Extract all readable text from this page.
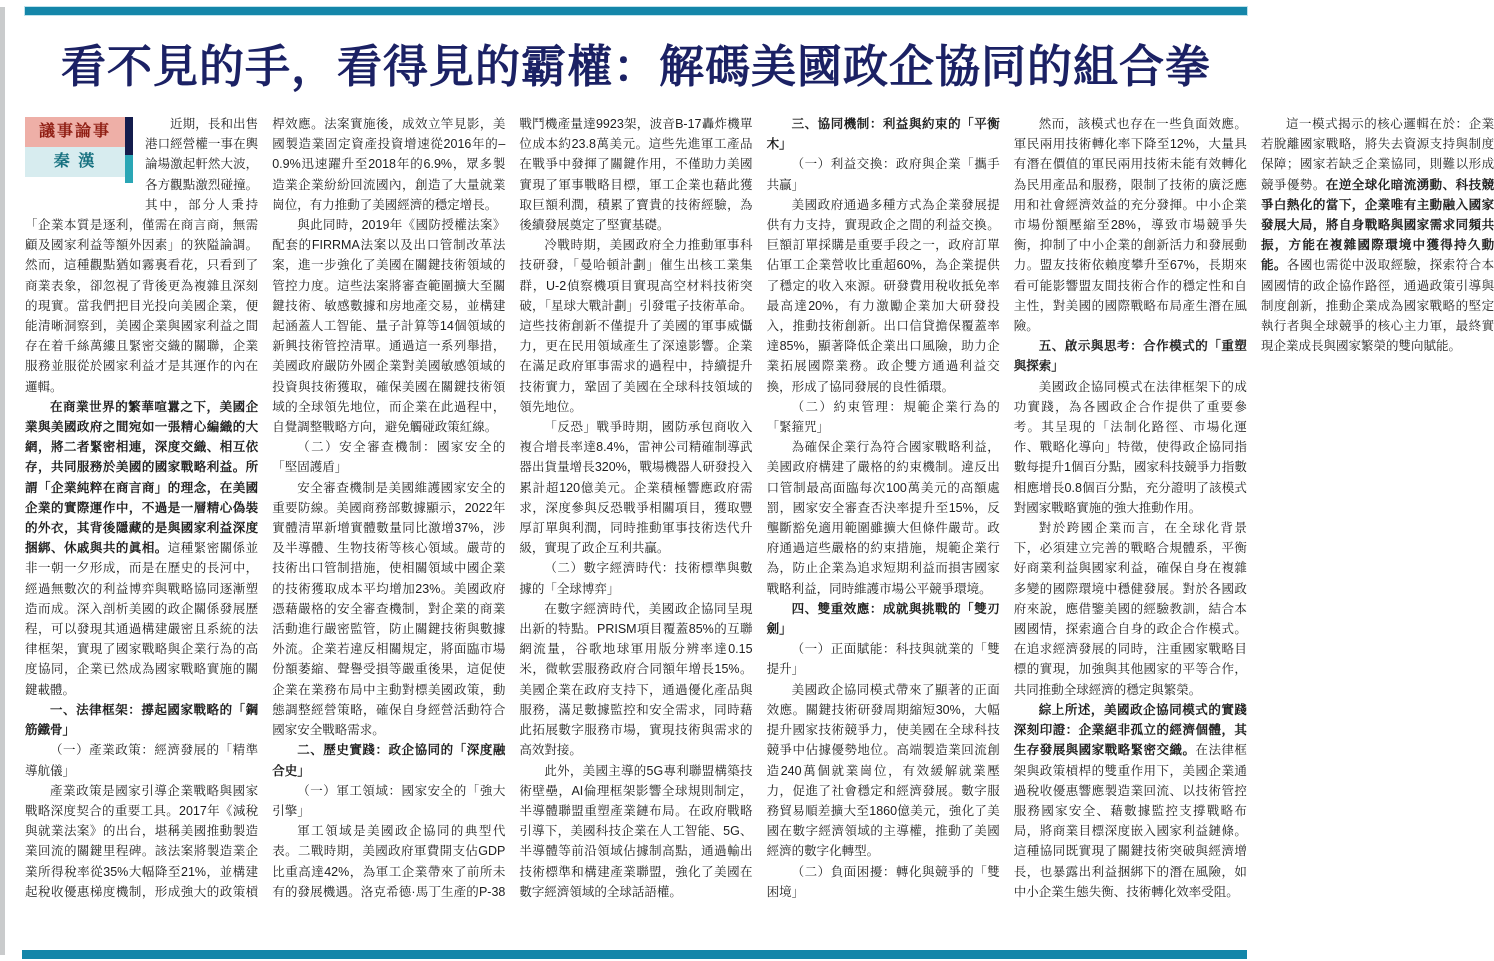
看不見的手，看得見的霸權：解碼美國政企協同的組合拳
議事論事
秦 漢

近期，長和出售港口經營權一事在輿論場激起軒然大波，各方觀點激烈碰撞。其中，部分人秉持「企業本質是逐利，僅需在商言商，無需顧及國家利益等額外因素」的狹隘論調。然而，這種觀點猶如霧裏看花，只看到了商業表象，卻忽視了背後更為複雜且深刻的現實。當我們把目光投向美國企業，便能清晰洞察到，美國企業與國家利益之間存在着千絲萬縷且緊密交織的關聯，企業服務並服從於國家利益才是其運作的內在邏輯。

在商業世界的繁華喧囂之下，美國企業與美國政府之間宛如一張精心編織的大網，將二者緊密相連，深度交織、相互依存，共同服務於美國的國家戰略利益。所謂「企業純粹在商言商」的理念，在美國企業的實際運作中，不過是一層精心偽裝的外衣，其背後隱藏的是與國家利益深度捆綁、休戚與共的眞相。這種緊密關係並非一朝一夕形成，而是在歷史的長河中，經過無數次的利益博弈與戰略協同逐漸塑造而成。深入剖析美國的政企關係發展歷程，可以發現其通過構建嚴密且系統的法律框架，實現了國家戰略與企業行為的高度協同，企業已然成為國家戰略實施的關鍵載體。

一、法律框架：撐起國家戰略的「鋼筋鐵骨」

（一）產業政策：經濟發展的「精準導航儀」

產業政策是國家引導企業戰略與國家戰略深度契合的重要工具。2017年《減稅與就業法案》的出台，堪稱美國推動製造業回流的關鍵里程碑。該法案將製造業企業所得稅率從35%大幅降至21%，並構建起稅收優惠梯度機制，形成強大的政策槓桿效應。法案實施後，成效立竿見影，美國製造業固定資產投資增速從2016年的–0.9%迅速躍升至2018年的6.9%，眾多製造業企業紛紛回流國內，創造了大量就業崗位，有力推動了美國經濟的穩定增長。

與此同時，2019年《國防授權法案》配套的FIRRMA法案以及出口管制改革法案，進一步強化了美國在關鍵技術領域的管控力度。這些法案將審查範圍擴大至關鍵技術、敏感數據和房地產交易，並構建起涵蓋人工智能、量子計算等14個領域的新興技術管控清單。通過這一系列舉措，美國政府嚴防外國企業對美國敏感領域的投資與技術獲取，確保美國在關鍵技術領域的全球領先地位，而企業在此過程中，自覺調整戰略方向，避免觸碰政策紅線。

（二）安全審查機制：國家安全的「堅固護盾」

安全審查機制是美國維護國家安全的重要防線。美國商務部數據顯示，2022年實體清單新增實體數量同比激增37%，涉及半導體、生物技術等核心領域。嚴苛的技術出口管制措施，使相關領域中國企業的技術獲取成本平均增加23%。美國政府憑藉嚴格的安全審查機制，對企業的商業活動進行嚴密監管，防止關鍵技術與數據外流。企業若違反相關規定，將面臨市場份額萎縮、聲譽受損等嚴重後果，這促使企業在業務布局中主動對標美國政策，動態調整經營策略，確保自身經營活動符合國家安全戰略需求。

二、歷史實踐：政企協同的「深度融合史」

（一）軍工領域：國家安全的「強大引擎」

軍工領域是美國政企協同的典型代表。二戰時期，美國政府軍費開支佔GDP比重高達42%，為軍工企業帶來了前所未有的發展機遇。洛克希德·馬丁生產的P-38戰鬥機產量達9923架，波音B-17轟炸機單位成本約23.8萬美元。這些先進軍工產品在戰爭中發揮了關鍵作用，不僅助力美國實現了軍事戰略目標，軍工企業也藉此獲取巨額利潤，積累了寶貴的技術經驗，為後續發展奠定了堅實基礎。

冷戰時期，美國政府全力推動軍事科技研發，「曼哈頓計劃」催生出核工業集群，U-2偵察機項目實現高空材料技術突破，「星球大戰計劃」引發電子技術革命。這些技術創新不僅提升了美國的軍事威懾力，更在民用領域產生了深遠影響。企業在滿足政府軍事需求的過程中，持續提升技術實力，鞏固了美國在全球科技領域的領先地位。

「反恐」戰爭時期，國防承包商收入複合增長率達8.4%，雷神公司精確制導武器出貨量增長320%，戰場機器人研發投入累計超120億美元。企業積極響應政府需求，深度參與反恐戰爭相關項目，獲取豐厚訂單與利潤，同時推動軍事技術迭代升級，實現了政企互利共贏。

（二）數字經濟時代：技術標準與數據的「全球博弈」

在數字經濟時代，美國政企協同呈現出新的特點。PRISM項目覆蓋85%的互聯網流量，谷歌地球軍用版分辨率達0.15米，微軟雲服務政府合同額年增長15%。美國企業在政府支持下，通過優化產品與服務，滿足數據監控和安全需求，同時藉此拓展數字服務市場，實現技術與需求的高效對接。

此外，美國主導的5G專利聯盟構築技術壁壘，AI倫理框架影響全球規則制定，半導體聯盟重塑產業鏈布局。在政府戰略引導下，美國科技企業在人工智能、5G、半導體等前沿領域佔據制高點，通過輸出技術標準和構建產業聯盟，強化了美國在數字經濟領域的全球話語權。

三、協同機制：利益與約束的「平衡木」

（一）利益交換：政府與企業「攜手共贏」

美國政府通過多種方式為企業發展提供有力支持，實現政企之間的利益交換。巨額訂單採購是重要手段之一，政府訂單佔軍工企業營收比重超60%，為企業提供了穩定的收入來源。研發費用稅收抵免率最高達20%，有力激勵企業加大研發投入，推動技術創新。出口信貸擔保覆蓋率達85%，顯著降低企業出口風險，助力企業拓展國際業務。政企雙方通過利益交換，形成了協同發展的良性循環。

（二）約束管理：規範企業行為的「緊箍咒」

為確保企業行為符合國家戰略利益，美國政府構建了嚴格的約束機制。違反出口管制最高面臨每次100萬美元的高額處罰，國家安全審查否決率提升至15%，反壟斷豁免適用範圍雖擴大但條件嚴苛。政府通過這些嚴格的約束措施，規範企業行為，防止企業為追求短期利益而損害國家戰略利益，同時維護市場公平競爭環境。

四、雙重效應：成就與挑戰的「雙刃劍」

（一）正面賦能：科技與就業的「雙提升」

美國政企協同模式帶來了顯著的正面效應。關鍵技術研發周期縮短30%，大幅提升國家技術競爭力，使美國在全球科技競爭中佔據優勢地位。高端製造業回流創造240萬個就業崗位，有效緩解就業壓力，促進了社會穩定和經濟發展。數字服務貿易順差擴大至1860億美元，強化了美國在數字經濟領域的主導權，推動了美國經濟的數字化轉型。

（二）負面困擾：轉化與競爭的「雙困境」

然而，該模式也存在一些負面效應。軍民兩用技術轉化率下降至12%，大量具有潛在價值的軍民兩用技術未能有效轉化為民用產品和服務，限制了技術的廣泛應用和社會經濟效益的充分發揮。中小企業市場份額壓縮至28%，導致市場競爭失衡，抑制了中小企業的創新活力和發展動力。盟友技術依賴度攀升至67%，長期來看可能影響盟友間技術合作的穩定性和自主性，對美國的國際戰略布局產生潛在風險。

五、啟示與思考：合作模式的「重塑與探索」

美國政企協同模式在法律框架下的成功實踐，為各國政企合作提供了重要參考。其呈現的「法制化路徑、市場化運作、戰略化導向」特徵，使得政企協同指數每提升1個百分點，國家科技競爭力指數相應增長0.8個百分點，充分證明了該模式對國家戰略實施的強大推動作用。

對於跨國企業而言，在全球化背景下，必須建立完善的戰略合規體系，平衡好商業利益與國家利益，確保自身在複雜多變的國際環境中穩健發展。對於各國政府來說，應借鑒美國的經驗教訓，結合本國國情，探索適合自身的政企合作模式。在追求經濟發展的同時，注重國家戰略目標的實現，加強與其他國家的平等合作，共同推動全球經濟的穩定與繁榮。

綜上所述，美國政企協同模式的實踐深刻印證：企業絕非孤立的經濟個體，其生存發展與國家戰略緊密交織。在法律框架與政策槓桿的雙重作用下，美國企業通過稅收優惠響應製造業回流、以技術管控服務國家安全、藉數據監控支撐戰略布局，將商業目標深度嵌入國家利益鏈條。這種協同既實現了關鍵技術突破與經濟增長，也暴露出利益捆綁下的潛在風險，如中小企業生態失衡、技術轉化效率受阻。

這一模式揭示的核心邏輯在於：企業若脫離國家戰略，將失去資源支持與制度保障；國家若缺乏企業協同，則難以形成競爭優勢。在逆全球化暗流湧動、科技競爭白熱化的當下，企業唯有主動融入國家發展大局，將自身戰略與國家需求同頻共振，方能在複雜國際環境中獲得持久動能。各國也需從中汲取經驗，探索符合本國國情的政企協作路徑，通過政策引導與制度創新，推動企業成為國家戰略的堅定執行者與全球競爭的核心主力軍，最終實現企業成長與國家繁榮的雙向賦能。
